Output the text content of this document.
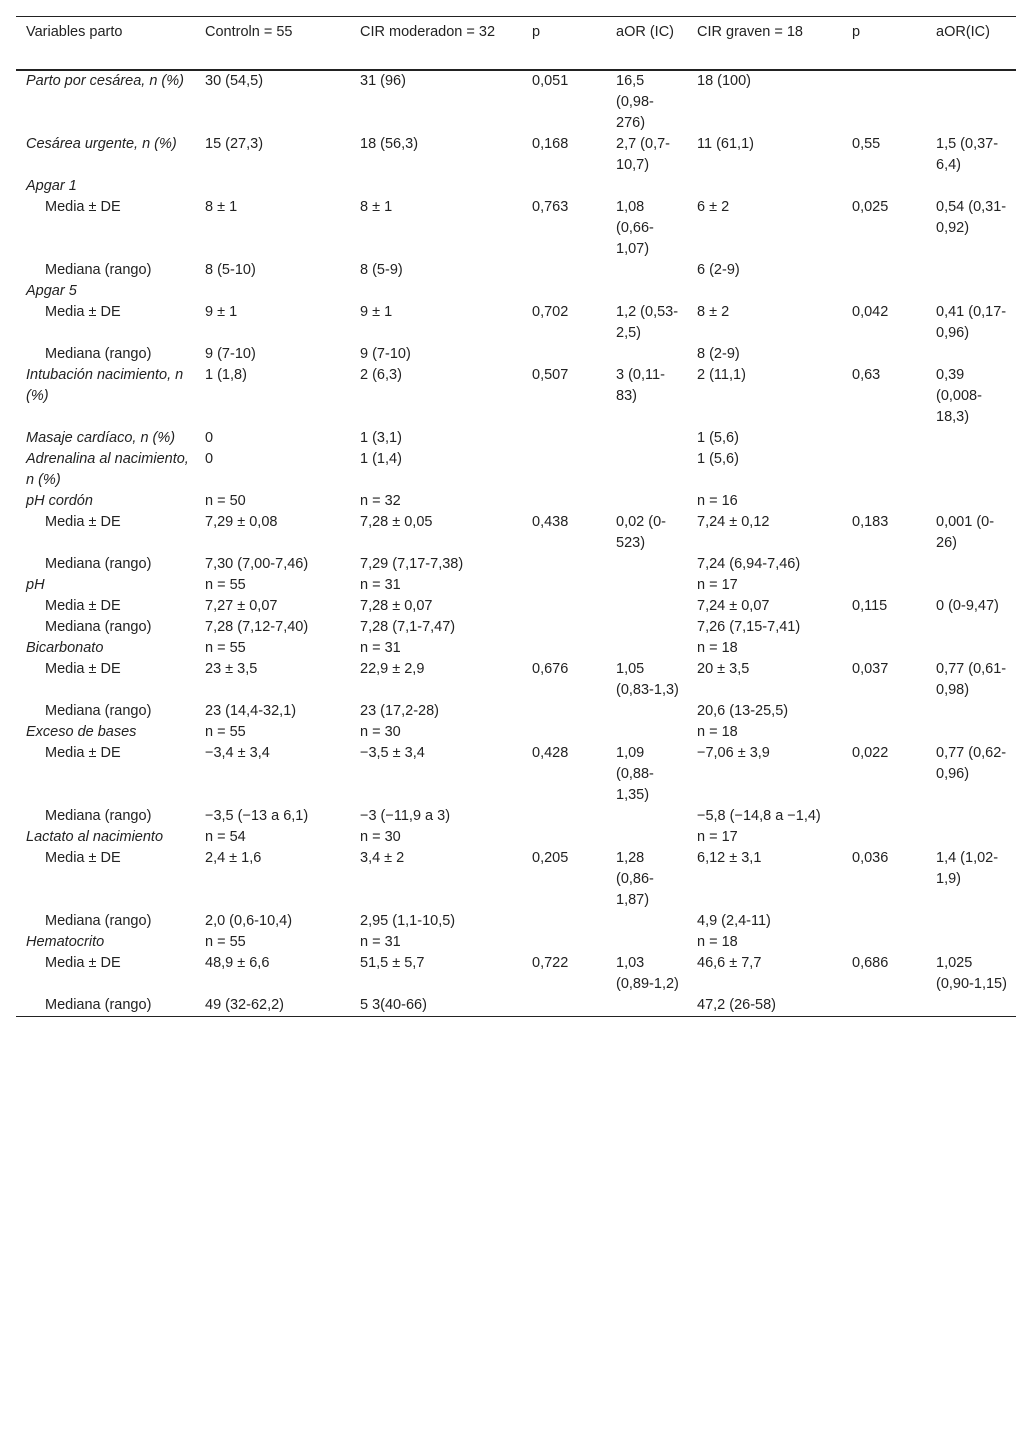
Variables parto	Controln = 55	CIR moderadon = 32	p	aOR (IC)	CIR graven = 18	p	aOR(IC)
Parto por cesárea, n (%)	30 (54,5)	31 (96)	0,051	16,5 (0,98-276)	18 (100)		
Cesárea urgente, n (%)	15 (27,3)	18 (56,3)	0,168	2,7 (0,7-10,7)	11 (61,1)	0,55	1,5 (0,37-6,4)
Apgar 1							
Media ± DE	8 ± 1	8 ± 1	0,763	1,08 (0,66-1,07)	6 ± 2	0,025	0,54 (0,31-0,92)
Mediana (rango)	8 (5-10)	8 (5-9)			6 (2-9)		
Apgar 5							
Media ± DE	9 ± 1	9 ± 1	0,702	1,2 (0,53-2,5)	8 ± 2	0,042	0,41 (0,17-0,96)
Mediana (rango)	9 (7-10)	9 (7-10)			8 (2-9)		
Intubación nacimiento, n (%)	1 (1,8)	2 (6,3)	0,507	3 (0,11-83)	2 (11,1)	0,63	0,39 (0,008-18,3)
Masaje cardíaco, n (%)	0	1 (3,1)			1 (5,6)		
Adrenalina al nacimiento, n (%)	0	1 (1,4)			1 (5,6)		
pH cordón	n = 50	n = 32			n = 16		
Media ± DE	7,29 ± 0,08	7,28 ± 0,05	0,438	0,02 (0-523)	7,24 ± 0,12	0,183	0,001 (0-26)
Mediana (rango)	7,30 (7,00-7,46)	7,29 (7,17-7,38)			7,24 (6,94-7,46)		
pH	n = 55	n = 31			n = 17		
Media ± DE	7,27 ± 0,07	7,28 ± 0,07			7,24 ± 0,07	0,115	0 (0-9,47)
Mediana (rango)	7,28 (7,12-7,40)	7,28 (7,1-7,47)			7,26 (7,15-7,41)		
Bicarbonato	n = 55	n = 31			n = 18		
Media ± DE	23 ± 3,5	22,9 ± 2,9	0,676	1,05 (0,83-1,3)	20 ± 3,5	0,037	0,77 (0,61-0,98)
Mediana (rango)	23 (14,4-32,1)	23 (17,2-28)			20,6 (13-25,5)		
Exceso de bases	n = 55	n = 30			n = 18		
Media ± DE	−3,4 ± 3,4	−3,5 ± 3,4	0,428	1,09 (0,88-1,35)	−7,06 ± 3,9	0,022	0,77 (0,62-0,96)
Mediana (rango)	−3,5 (−13 a 6,1)	−3 (−11,9 a 3)			−5,8 (−14,8 a −1,4)		
Lactato al nacimiento	n = 54	n = 30			n = 17		
Media ± DE	2,4 ± 1,6	3,4 ± 2	0,205	1,28 (0,86-1,87)	6,12 ± 3,1	0,036	1,4 (1,02-1,9)
Mediana (rango)	2,0 (0,6-10,4)	2,95 (1,1-10,5)			4,9 (2,4-11)		
Hematocrito	n = 55	n = 31			n = 18		
Media ± DE	48,9 ± 6,6	51,5 ± 5,7	0,722	1,03 (0,89-1,2)	46,6 ± 7,7	0,686	1,025 (0,90-1,15)
Mediana (rango)	49 (32-62,2)	5 3(40-66)			47,2 (26-58)		
